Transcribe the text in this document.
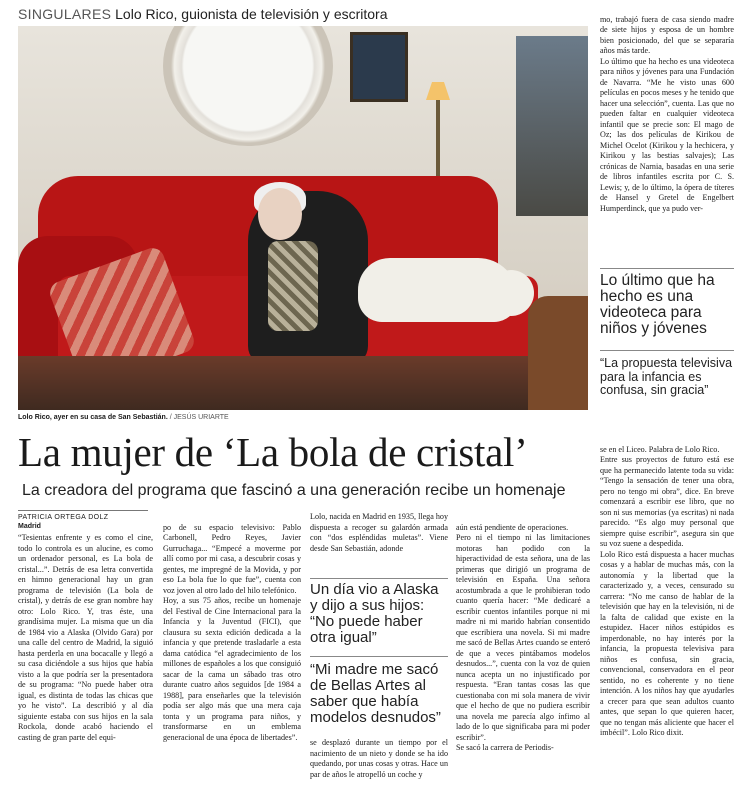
SINGULARES Lolo Rico, guionista de televisión y escritora
Lolo Rico, ayer en su casa de San Sebastián. / JESÚS URIARTE
La mujer de ‘La bola de cristal’
La creadora del programa que fascinó a una generación recibe un homenaje
PATRICIA ORTEGA DOLZ
Madrid

“Tesientas enfrente y es como el cine, todo lo controla es un alucine, es como un ordenador personal, es La bola de cristal...”. Detrás de esa letra convertida en himno generacional hay un gran programa de televisión (La bola de cristal), y detrás de ese gran nombre hay otro: Lolo Rico. Y, tras éste, una grandísima mujer. La misma que un día de 1984 vio a Alaska (Olvido Gara) por una calle del centro de Madrid, la siguió hasta perderla en una bocacalle y llegó a su casa diciéndole a sus hijos que había visto a la que podría ser la presentadora de su programa: “No puede haber otra igual, es distinta de todas las chicas que yo he visto”. La describió y al día siguiente estaba con sus hijos en la sala Rockola, donde acabó haciendo el casting de gran parte del equi-

po de su espacio televisivo: Pablo Carbonell, Pedro Reyes, Javier Gurruchaga... “Empecé a moverme por allí como por mi casa, a descubrir cosas y gentes, me impregné de la Movida, y por eso La bola fue lo que fue”, cuenta con voz joven al otro lado del hilo telefónico.
Hoy, a sus 75 años, recibe un homenaje del Festival de Cine Internacional para la Infancia y la Juventud (FICI), que clausura su sexta edición dedicada a la infancia y que pretende trasladarle a esta dama catódica “el agradecimiento de los millones de españoles a los que consiguió sacar de la cama un sábado tras otro durante cuatro años seguidos [de 1984 a 1988], para enseñarles que la televisión podía ser algo más que una mera caja tonta y un programa para niños, y transformarse en un emblema generacional de una época de libertades”.

Lolo, nacida en Madrid en 1935, llega hoy dispuesta a recoger su galardón armada con “dos espléndidas muletas”. Viene desde San Sebastián, adonde

Un día vio a Alaska y dijo a sus hijos: “No puede haber otra igual”
“Mi madre me sacó de Bellas Artes al saber que había modelos desnudos”

se desplazó durante un tiempo por el nacimiento de un nieto y donde se ha ido quedando, por unas cosas y otras. Hace un par de años le atropelló un coche y

aún está pendiente de operaciones.
Pero ni el tiempo ni las limitaciones motoras han podido con la hiperactividad de esta señora, una de las primeras que dirigió un programa de televisión en España. Una señora acostumbrada a que le prohibieran todo cuanto quería hacer: “Me dedicaré a escribir cuentos infantiles porque ni mi madre ni mi marido habrían consentido que escribiera una novela. Si mi madre me sacó de Bellas Artes cuando se enteró de que a veces pintábamos modelos desnudos...”, cuenta con la voz de quien nunca acepta un no injustificado por respuesta. “Eran tantas cosas las que cuestionaba con mi sola manera de vivir que el hecho de que no pudiera escribir una novela me parecía algo ínfimo al lado de lo que significaba para mi poder escribir”.
Se sacó la carrera de Periodis-

mo, trabajó fuera de casa siendo madre de siete hijos y esposa de un hombre bien posicionado, del que se separaría años más tarde.
Lo último que ha hecho es una videoteca para niños y jóvenes para una Fundación de Navarra. “Me he visto unas 600 películas en pocos meses y he tenido que hacer una selección”, cuenta. Las que no pueden faltar en cualquier videoteca infantil que se precie son: El mago de Oz; las dos películas de Kirikou de Michel Ocelot (Kirikou y la hechicera, y Kirikou y las bestias salvajes); Las crónicas de Narnia, basadas en una serie de libros infantiles escrita por C. S. Lewis; y, de lo último, la ópera de títeres de Hansel y Gretel de Engelbert Humperdinck, que ya pudo ver-

Lo último que ha hecho es una videoteca para niños y jóvenes
“La propuesta televisiva para la infancia es confusa, sin gracia”

se en el Liceo. Palabra de Lolo Rico.
Entre sus proyectos de futuro está ese que ha permanecido latente toda su vida: “Tengo la sensación de tener una obra, pero no tengo mi obra”, dice. En breve comenzará a escribir ese libro, que no son ni sus memorias (ya escritas) ni nada parecido. “Es algo muy personal que siempre quise escribir”, asegura sin que su voz suene a despedida.
Lolo Rico está dispuesta a hacer muchas cosas y a hablar de muchas más, con la autonomía y la libertad que la caracterizado y, a veces, censurado su carrera: “No me canso de hablar de la televisión que hay en la televisión, ni de la falta de calidad que existe en la estupidez. Hacer niños estúpidos es imperdonable, no hay interés por la infancia, la propuesta televisiva para niños es confusa, sin gracia, convencional, conservadora en el peor sentido, no es coherente y no tiene intención. A los niños hay que ayudarles a crecer para que sean adultos cuanto antes, que sepan lo que quieren hacer, que no tengan más aliciente que hacer el imbécil”. Lolo Rico dixit.
